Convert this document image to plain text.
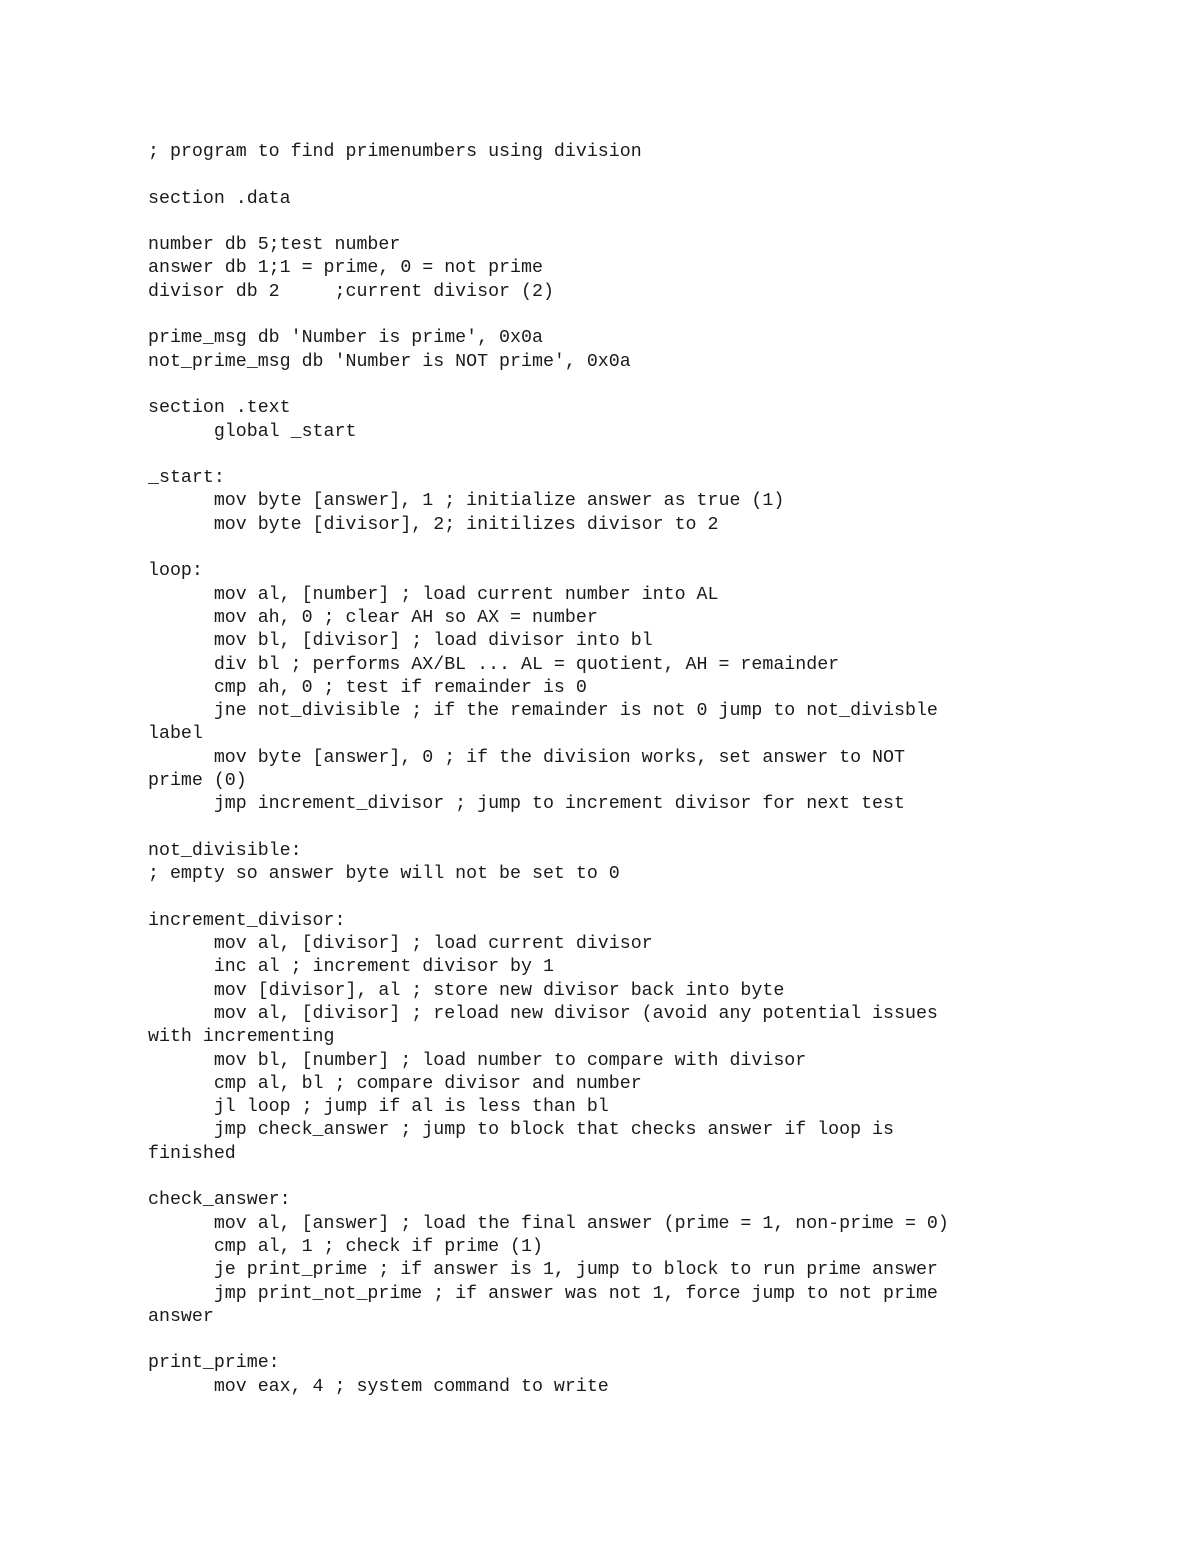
; program to find primenumbers using division
section .data
number db 5;test number
answer db 1;1 = prime, 0 = not prime
divisor db 2     ;current divisor (2)
prime_msg db 'Number is prime', 0x0a
not_prime_msg db 'Number is NOT prime', 0x0a
section .text
global _start
_start:
mov byte [answer], 1 ; initialize answer as true (1)
mov byte [divisor], 2; initilizes divisor to 2
loop:
mov al, [number] ; load current number into AL
mov ah, 0 ; clear AH so AX = number
mov bl, [divisor] ; load divisor into bl
div bl ; performs AX/BL ... AL = quotient, AH = remainder
cmp ah, 0 ; test if remainder is 0
jne not_divisible ; if the remainder is not 0 jump to not_divisble
label
mov byte [answer], 0 ; if the division works, set answer to NOT
prime (0)
jmp increment_divisor ; jump to increment divisor for next test
not_divisible:
; empty so answer byte will not be set to 0
increment_divisor:
mov al, [divisor] ; load current divisor
inc al ; increment divisor by 1
mov [divisor], al ; store new divisor back into byte
mov al, [divisor] ; reload new divisor (avoid any potential issues
with incrementing
mov bl, [number] ; load number to compare with divisor
cmp al, bl ; compare divisor and number
jl loop ; jump if al is less than bl
jmp check_answer ; jump to block that checks answer if loop is
finished
check_answer:
mov al, [answer] ; load the final answer (prime = 1, non-prime = 0)
cmp al, 1 ; check if prime (1)
je print_prime ; if answer is 1, jump to block to run prime answer
jmp print_not_prime ; if answer was not 1, force jump to not prime
answer
print_prime:
mov eax, 4 ; system command to write
